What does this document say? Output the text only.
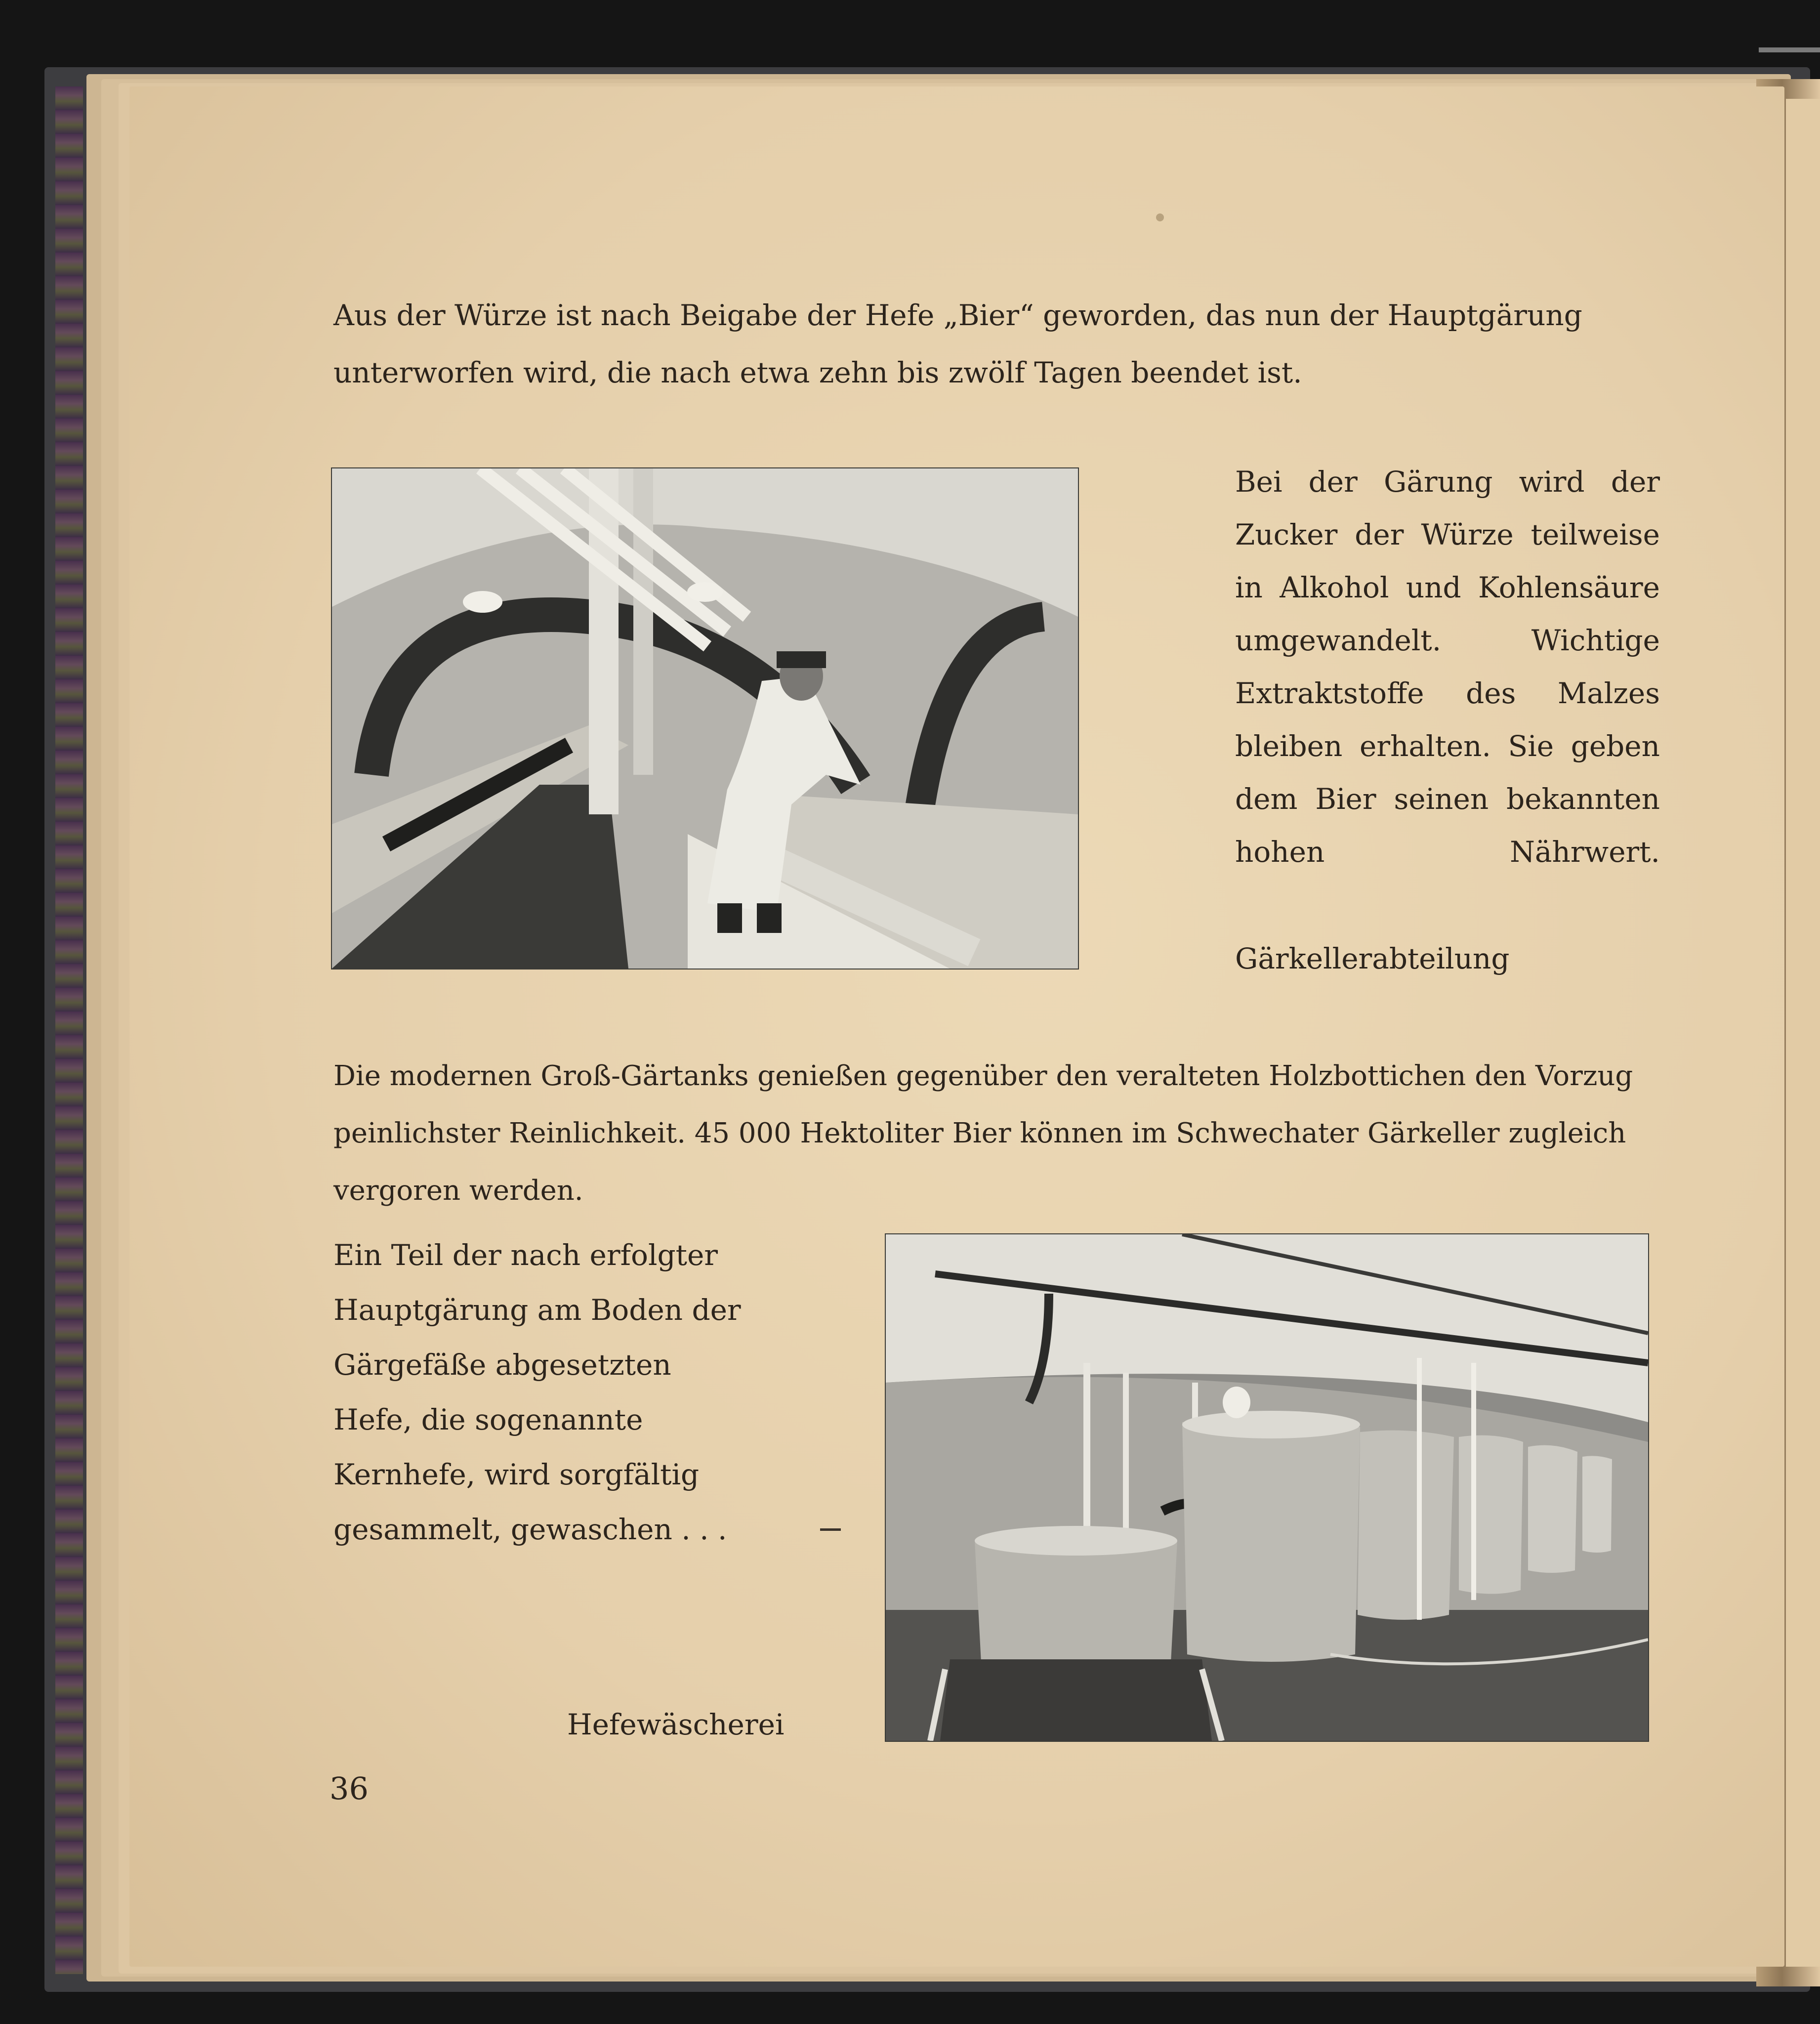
Aus der Würze ist nach Beigabe der Hefe „Bier“ geworden, das nun der Hauptgärung unterworfen wird, die nach etwa zehn bis zwölf Tagen beendet ist.

Bei der Gärung wird der Zucker der Würze teilweise in Alkohol und Kohlensäure umgewandelt. Wichtige Extraktstoffe des Malzes bleiben erhalten. Sie geben dem Bier seinen bekannten hohen Nährwert.

Gärkellerabteilung

Die modernen Groß-Gärtanks genießen gegenüber den veralteten Holzbottichen den Vorzug peinlichster Reinlichkeit. 45 000 Hektoliter Bier können im Schwechater Gärkeller zugleich vergoren werden.

Ein Teil der nach erfolgter Hauptgärung am Boden der Gärgefäße abgesetzten Hefe, die sogenannte Kernhefe, wird sorgfältig gesammelt, gewaschen . . .

Hefewäscherei

36
